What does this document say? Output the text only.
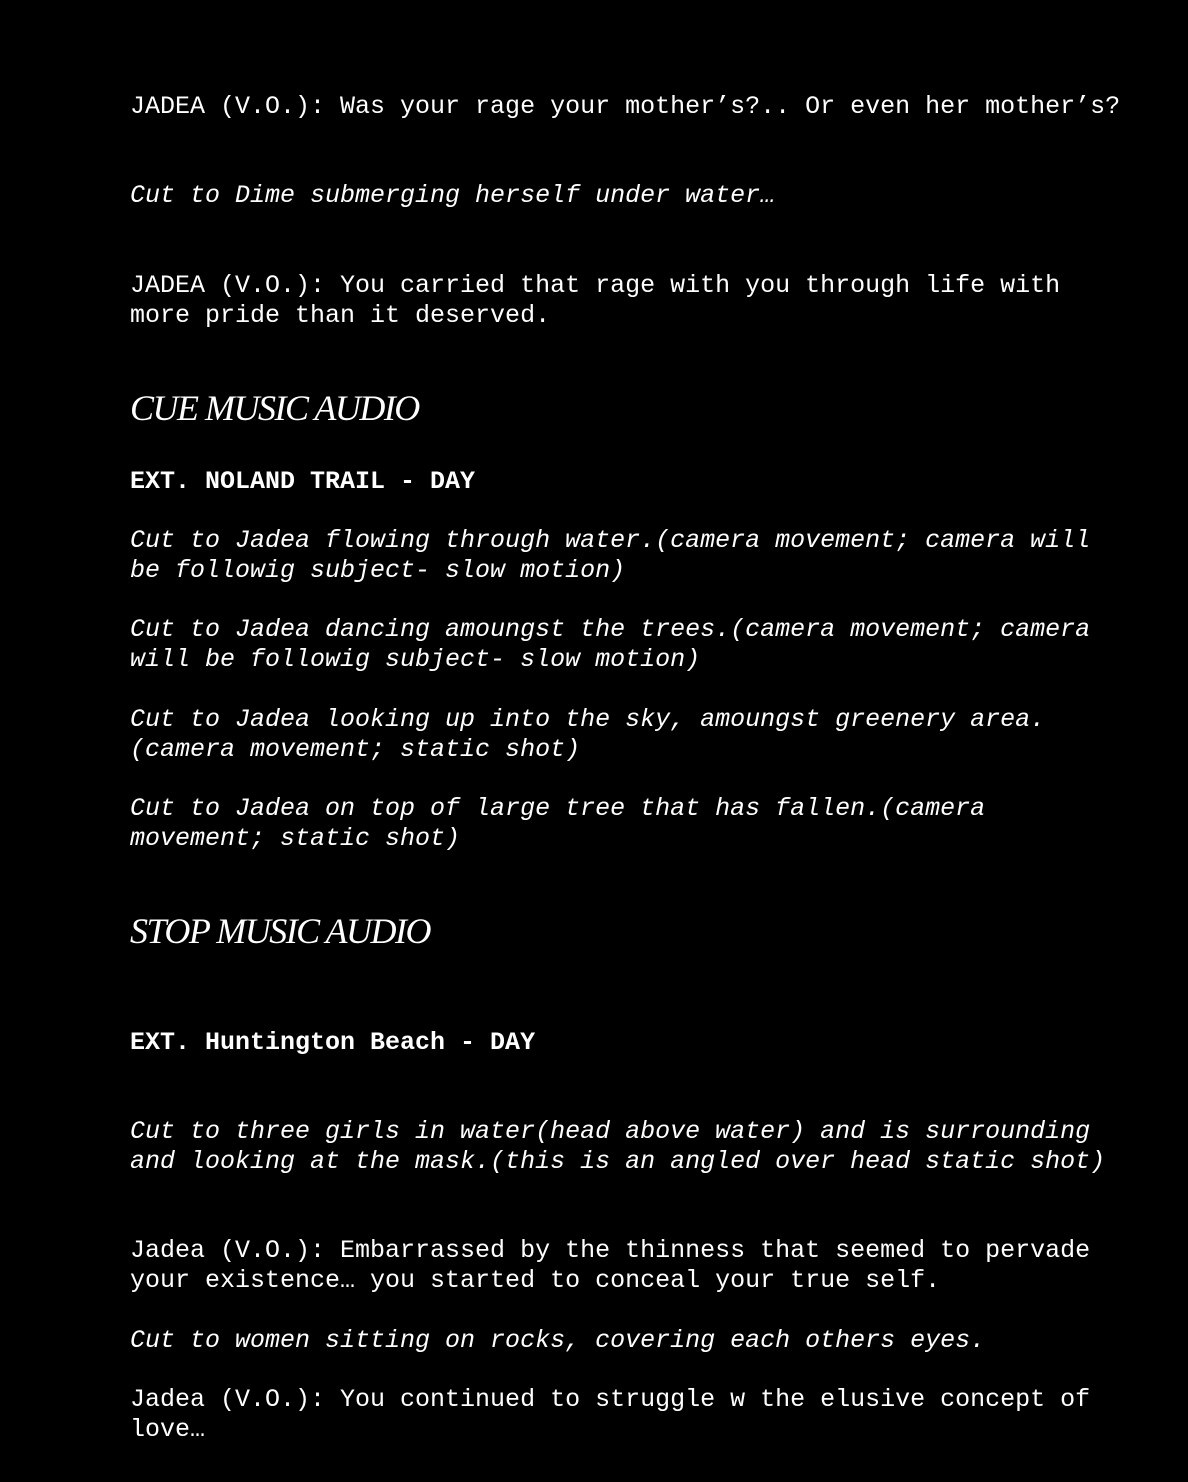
JADEA (V.O.): Was your rage your mother’s?.. Or even her mother’s?

Cut to Dime submerging herself under water…

JADEA (V.O.): You carried that rage with you through life with more pride than it deserved.

CUE MUSIC AUDIO

EXT. NOLAND TRAIL - DAY

Cut to Jadea flowing through water.(camera movement; camera will be followig subject- slow motion)

Cut to Jadea dancing amoungst the trees.(camera movement; camera will be followig subject- slow motion)

Cut to Jadea looking up into the sky, amoungst greenery area.
(camera movement; static shot)

Cut to Jadea on top of large tree that has fallen.(camera movement; static shot)

STOP MUSIC AUDIO

EXT. Huntington Beach - DAY

Cut to three girls in water(head above water) and is surrounding and looking at the mask.(this is an angled over head static shot)

Jadea (V.O.): Embarrassed by the thinness that seemed to pervade your existence… you started to conceal your true self.

Cut to women sitting on rocks, covering each others eyes.

Jadea (V.O.): You continued to struggle w the elusive concept of love…
